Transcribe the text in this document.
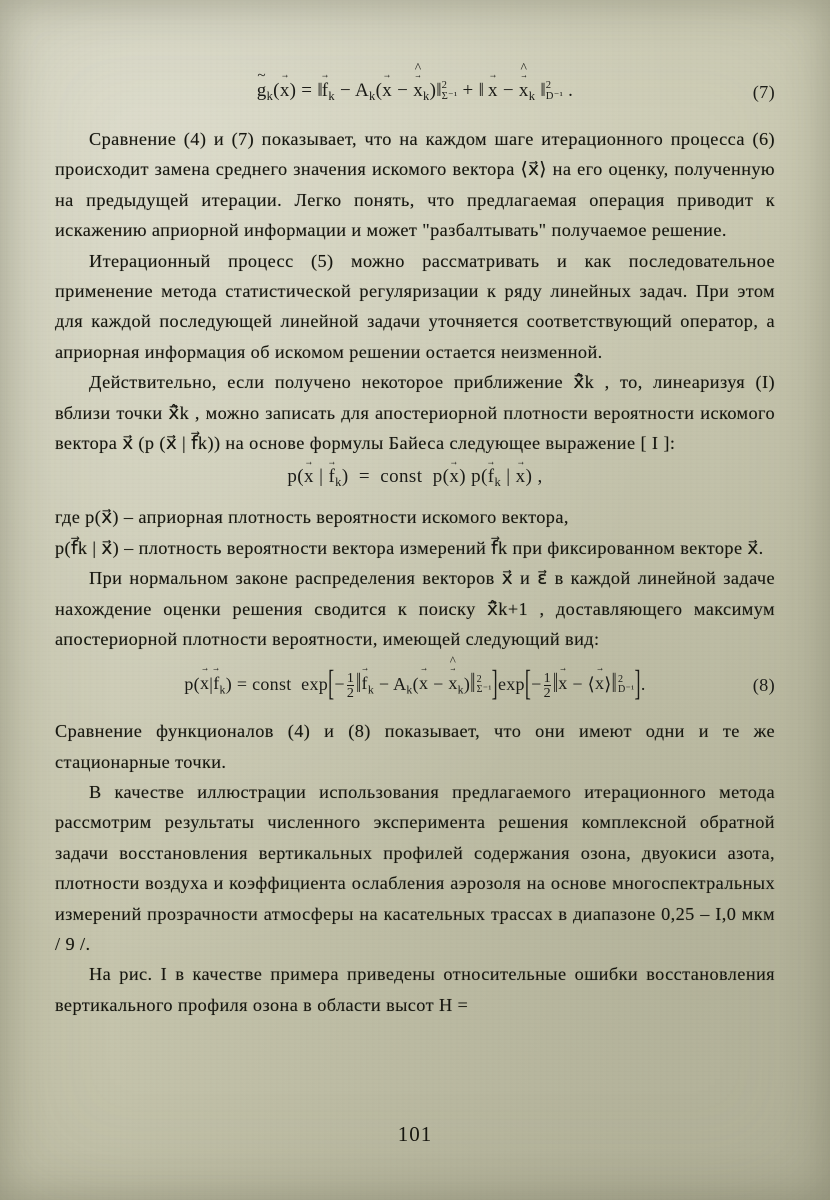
g $\sim_k(x$ →) = ‖f $\to_k - A_k(x$ → − → x $\^{}_k)‖$ 2
Σ⁻¹ + ‖ x → − → x $\^{}_k$ ‖ 2
D⁻¹ .	(7)

Сравнение (4) и (7) показывает, что на каждом шаге итерационного процесса (6) происходит замена среднего значения искомого вектора ⟨x⃗⟩ на его оценку, полученную на предыдущей итерации. Легко понять, что предлагаемая операция приводит к искажению априорной информации и может "разбалтывать" получаемое решение.

Итерационный процесс (5) можно рассматривать и как последовательное применение метода статистической регуляризации к ряду линейных задач. При этом для каждой последующей линейной задачи уточняется соответствующий оператор, а априорная информация об искомом решении остается неизменной.

Действительно, если получено некоторое приближение x̂⃗k , то, линеаризуя (I) вблизи точки x̂⃗k , можно записать для апостериорной плотности вероятности искомого вектора x⃗ (p (x⃗ | f⃗k)) на основе формулы Байеса следующее выражение [ I ]:

p(x → | $f \to_k$)  =  const  p(x →) $p(f \to_k$ | x →) ,

где p(x⃗) – априорная плотность вероятности искомого вектора,

p(f⃗k | x⃗) – плотность вероятности вектора измерений f⃗k при фиксированном векторе x⃗.

При нормальном законе распределения векторов x⃗ и ε⃗ в каждой линейной задаче нахождение оценки решения сводится к поиску x̂⃗k+1 , доставляющего максимум апостериорной плотности вероятности, имеющей следующий вид:

$p(x \to|f \to_k)$ = const  $\exp[- \frac{1}{2}$ ‖f $\to_k - A_k(x$ → − → x $\^{}_k)‖$ 2
Σ⁻¹ ]$\exp[- \frac{1}{2}$ ‖x → − ⟨x →⟩‖ 2
D⁻¹ ].	(8)

Сравнение функционалов (4) и (8) показывает, что они имеют одни и те же стационарные точки.

В качестве иллюстрации использования предлагаемого итерационного метода рассмотрим результаты численного эксперимента решения комплексной обратной задачи восстановления вертикальных профилей содержания озона, двуокиси азота, плотности воздуха и коэффициента ослабления аэрозоля на основе многоспектральных измерений прозрачности атмосферы на касательных трассах в диапазоне 0,25 – I,0 мкм / 9 /.

На рис. I в качестве примера приведены относительные ошибки восстановления вертикального профиля озона в области высот H =

101
